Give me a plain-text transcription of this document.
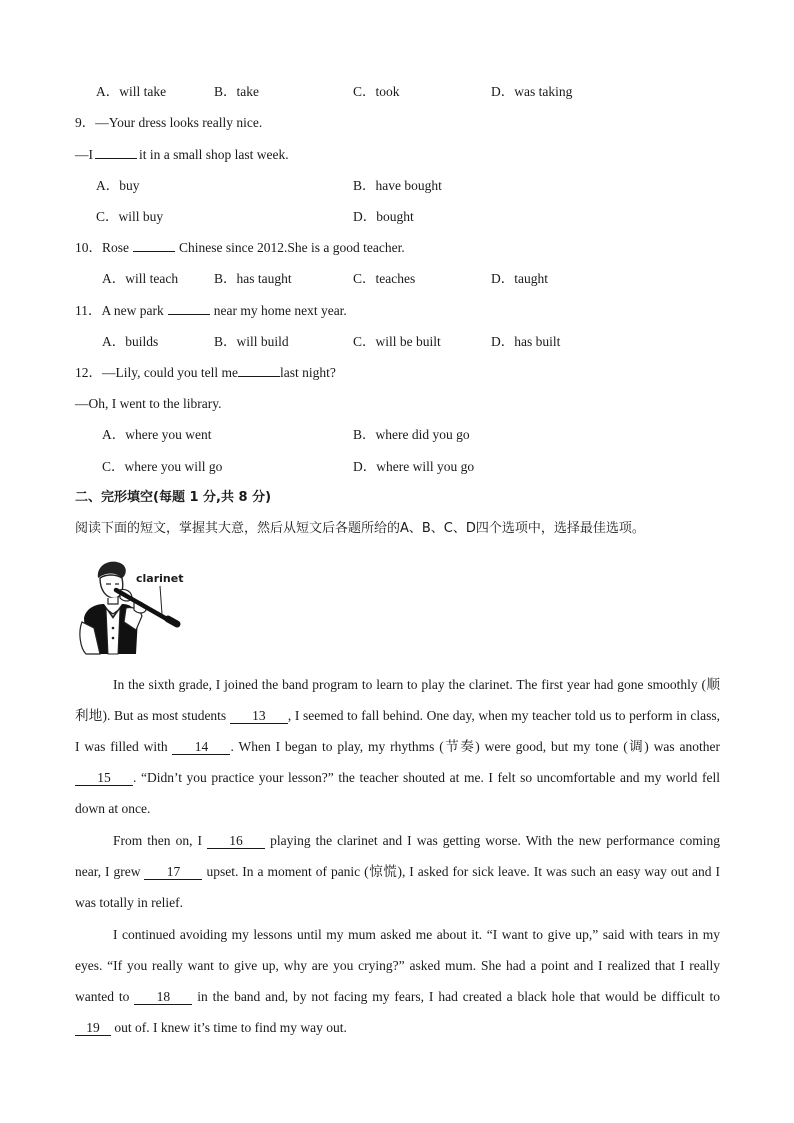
A．will take	B．take	C．took	D．was taking
9．—Your dress looks really nice.
—I	it in a small shop last week.
A．buy	B．have bought
C．will buy	D．bought
10．Rose	Chinese since 2012.She is a good teacher.
A．will teach	B．has taught	C．teaches	D．taught
11．A new park	near my home next year.
A．builds	B．will build	C．will be built	D．has built
12．—Lily, could you tell me	last night?
—Oh, I went to the library.
A．where you went	B．where did you go
C．where you will go	D．where will you go
二、完形填空(每题 1 分,共 8 分)
阅读下面的短文，掌握其大意，然后从短文后各题所给的A、B、C、D四个选项中，选择最佳选项。
clarinet
In the sixth grade, I joined the band program to learn to play the clarinet. The first year had gone smoothly (顺利地). But as most students 13 , I seemed to fall behind. One day, when my teacher told us to perform in class, I was filled with 14 . When I began to play, my rhythms (节奏) were good, but my tone (调) was another 15 . “Didn’t you practice your lesson?” the teacher shouted at me. I felt so uncomfortable and my world fell down at once.
From then on, I 16 playing the clarinet and I was getting worse. With the new performance coming near, I grew 17 upset. In a moment of panic (惊慌), I asked for sick leave. It was such an easy way out and I was totally in relief.
I continued avoiding my lessons until my mum asked me about it. “I want to give up,” said with tears in my eyes. “If you really want to give up, why are you crying?” asked mum. She had a point and I realized that I really wanted to 18 in the band and, by not facing my fears, I had created a black hole that would be difficult to 19 out of. I knew it’s time to find my way out.
